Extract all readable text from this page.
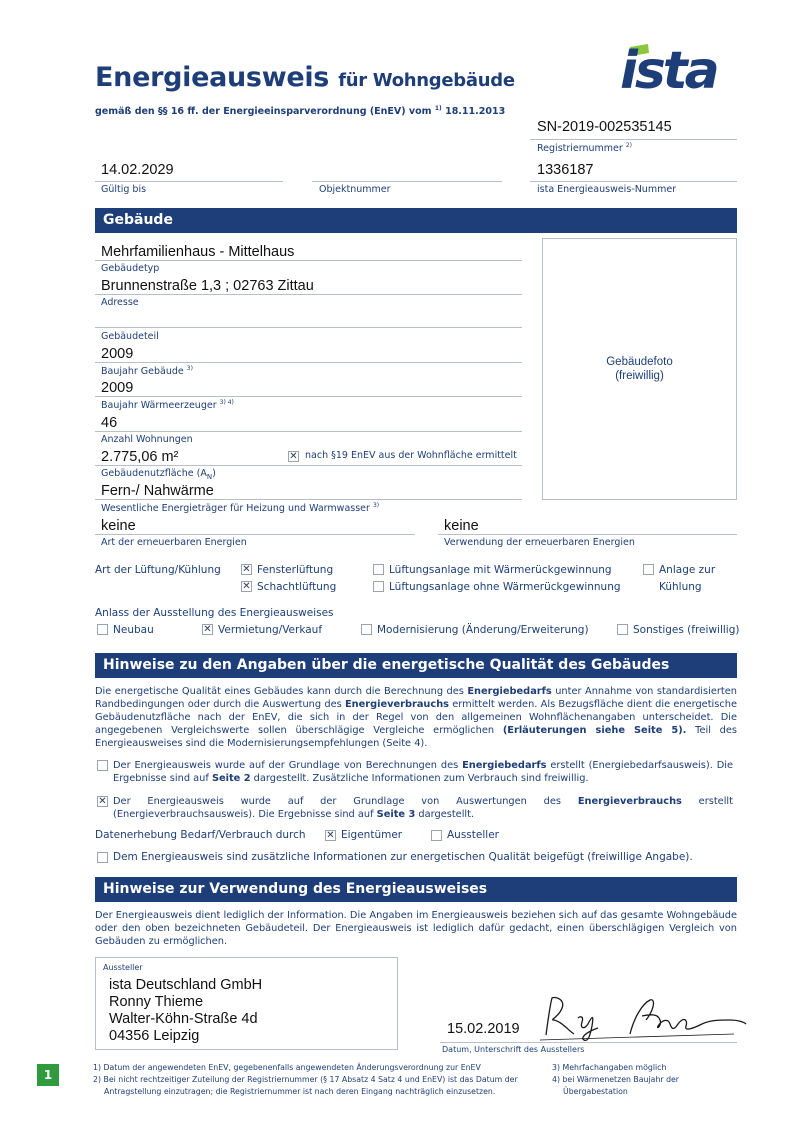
Energieausweis für Wohngebäude
gemäß den §§ 16 ff. der Energieeinsparverordnung (EnEV) vom $^{1)}$ 18.11.2013
ista
SN-2019-002535145
Registriernummer $^{2)}$
14.02.2029
Gültig bis	Objektnummer
1336187
ista Energieausweis-Nummer
Gebäude
Mehrfamilienhaus - Mittelhaus
Gebäudetyp
Brunnenstraße 1,3 ; 02763 Zittau
Adresse
Gebäudeteil
2009
Baujahr Gebäude $^{3)}$
2009
Baujahr Wärmeerzeuger $^{3) 4)}$
46
Anzahl Wohnungen
2.775,06 m²	✕ nach §19 EnEV aus der Wohnfläche ermittelt
Gebäudenutzfläche $(A_N)$
Fern-/ Nahwärme
Wesentliche Energieträger für Heizung und Warmwasser $^{3)}$
keine
Art der erneuerbaren Energien
keine
Verwendung der erneuerbaren Energien
Gebäudefoto
(freiwillig)
Art der Lüftung/Kühlung ✕ Fensterlüftung
✕ Schachtlüftung
Lüftungsanlage mit Wärmerückgewinnung
Lüftungsanlage ohne Wärmerückgewinnung
Anlage zur
Kühlung
Anlass der Ausstellung des Energieausweises
Neubau	✕ Vermietung/Verkauf	Modernisierung (Änderung/Erweiterung)	Sonstiges (freiwillig)
Hinweise zu den Angaben über die energetische Qualität des Gebäudes
Die energetische Qualität eines Gebäudes kann durch die Berechnung des Energiebedarfs unter Annahme von standardisierten Randbedingungen oder durch die Auswertung des Energieverbrauchs ermittelt werden. Als Bezugsfläche dient die energetische Gebäudenutzfläche nach der EnEV, die sich in der Regel von den allgemeinen Wohnflächenangaben unterscheidet. Die angegebenen Vergleichswerte sollen überschlägige Vergleiche ermöglichen (Erläuterungen siehe Seite 5). Teil des Energieausweises sind die Modernisierungsempfehlungen (Seite 4).
Der Energieausweis wurde auf der Grundlage von Berechnungen des Energiebedarfs erstellt (Energiebedarfsausweis). Die Ergebnisse sind auf Seite 2 dargestellt. Zusätzliche Informationen zum Verbrauch sind freiwillig.
✕ Der Energieausweis wurde auf der Grundlage von Auswertungen des Energieverbrauchs erstellt (Energieverbrauchsausweis). Die Ergebnisse sind auf Seite 3 dargestellt.
Datenerhebung Bedarf/Verbrauch durch ✕ Eigentümer	Aussteller
Dem Energieausweis sind zusätzliche Informationen zur energetischen Qualität beigefügt (freiwillige Angabe).
Hinweise zur Verwendung des Energieausweises
Der Energieausweis dient lediglich der Information. Die Angaben im Energieausweis beziehen sich auf das gesamte Wohngebäude oder den oben bezeichneten Gebäudeteil. Der Energieausweis ist lediglich dafür gedacht, einen überschlägigen Vergleich von Gebäuden zu ermöglichen.
Aussteller
ista Deutschland GmbH
Ronny Thieme
Walter-Köhn-Straße 4d
04356 Leipzig	15.02.2019
Datum, Unterschrift des Ausstellers
1
1) Datum der angewendeten EnEV, gegebenenfalls angewendeten Änderungsverordnung zur EnEV
2) Bei nicht rechtzeitiger Zuteilung der Registriernummer (§ 17 Absatz 4 Satz 4 und EnEV) ist das Datum der
Antragstellung einzutragen; die Registriernummer ist nach deren Eingang nachträglich einzusetzen.
3) Mehrfachangaben möglich
4) bei Wärmenetzen Baujahr der
Übergabestation
